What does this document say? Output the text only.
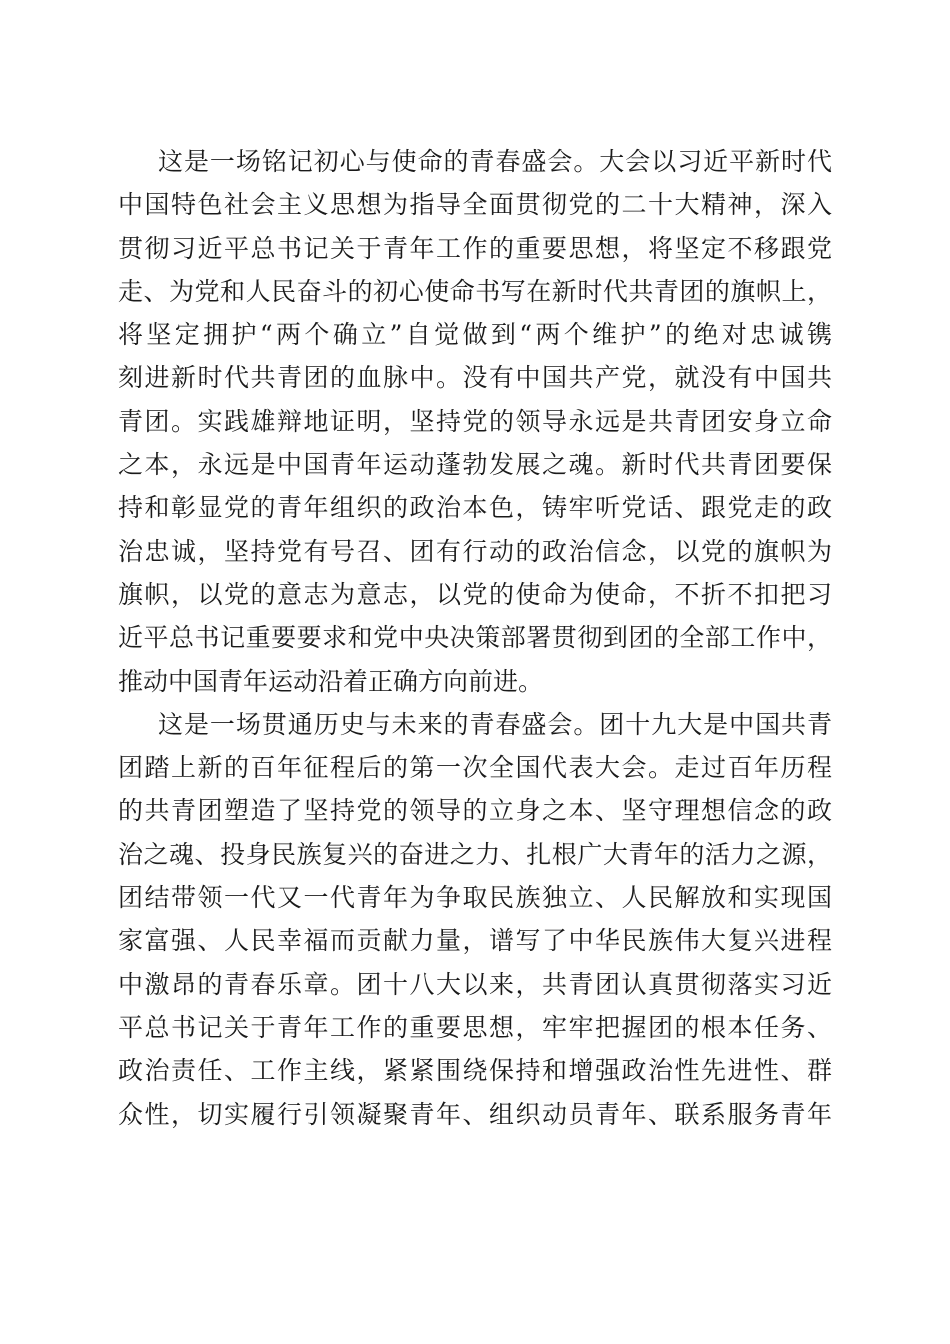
这是一场铭记初心与使命的青春盛会。大会以习近平新时代
中国特色社会主义思想为指导全面贯彻党的二十大精神，深入
贯彻习近平总书记关于青年工作的重要思想，将坚定不移跟党
走、为党和人民奋斗的初心使命书写在新时代共青团的旗帜上，
将坚定拥护“两个确立”自觉做到“两个维护”的绝对忠诚镌
刻进新时代共青团的血脉中。没有中国共产党，就没有中国共
青团。实践雄辩地证明，坚持党的领导永远是共青团安身立命
之本，永远是中国青年运动蓬勃发展之魂。新时代共青团要保
持和彰显党的青年组织的政治本色，铸牢听党话、跟党走的政
治忠诚，坚持党有号召、团有行动的政治信念，以党的旗帜为
旗帜，以党的意志为意志，以党的使命为使命，不折不扣把习
近平总书记重要要求和党中央决策部署贯彻到团的全部工作中，
推动中国青年运动沿着正确方向前进。
这是一场贯通历史与未来的青春盛会。团十九大是中国共青
团踏上新的百年征程后的第一次全国代表大会。走过百年历程
的共青团塑造了坚持党的领导的立身之本、坚守理想信念的政
治之魂、投身民族复兴的奋进之力、扎根广大青年的活力之源，
团结带领一代又一代青年为争取民族独立、人民解放和实现国
家富强、人民幸福而贡献力量，谱写了中华民族伟大复兴进程
中激昂的青春乐章。团十八大以来，共青团认真贯彻落实习近
平总书记关于青年工作的重要思想，牢牢把握团的根本任务、
政治责任、工作主线，紧紧围绕保持和增强政治性先进性、群
众性，切实履行引领凝聚青年、组织动员青年、联系服务青年
